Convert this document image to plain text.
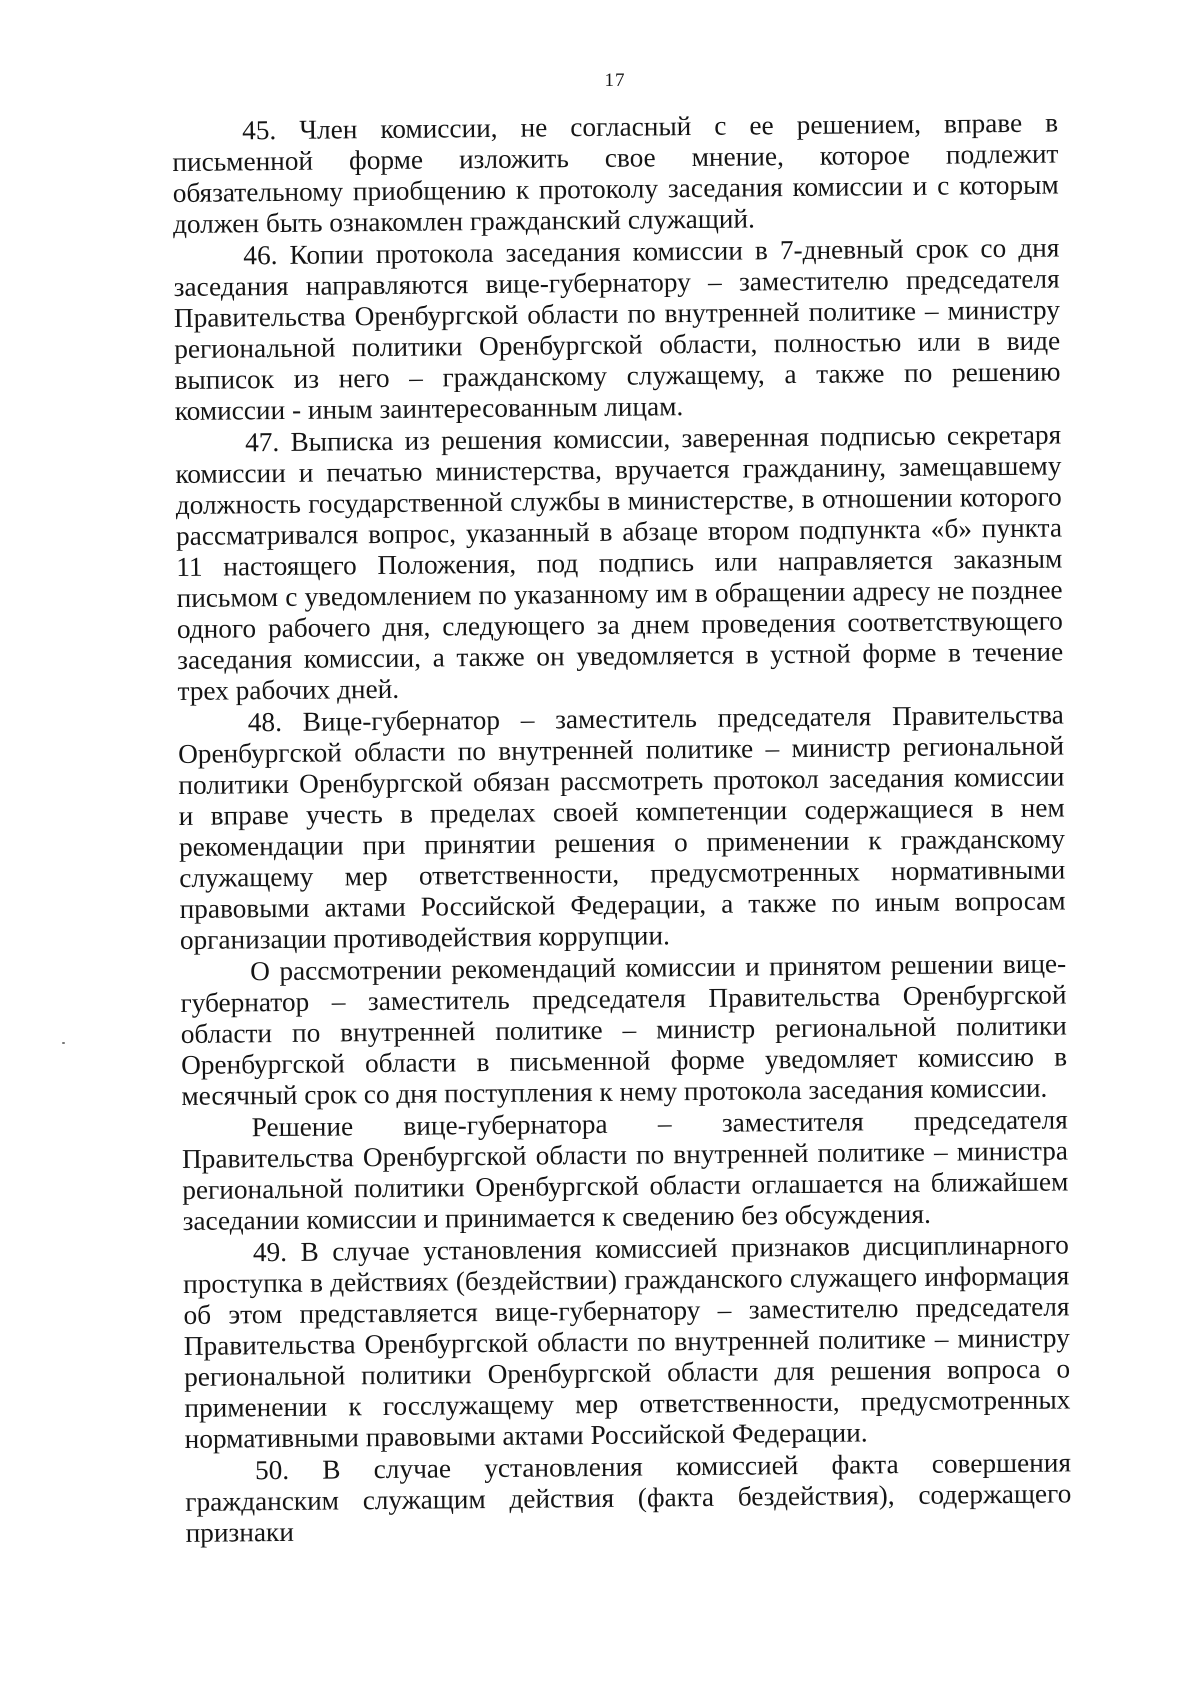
17

45. Член комиссии, не согласный с ее решением, вправе в письменной форме изложить свое мнение, которое подлежит обязательному приобщению к протоколу заседания комиссии и с которым должен быть ознакомлен гражданский служащий.

46. Копии протокола заседания комиссии в 7-дневный срок со дня заседания направляются вице-губернатору – заместителю председателя Правительства Оренбургской области по внутренней политике – министру региональной политики Оренбургской области, полностью или в виде выписок из него – гражданскому служащему, а также по решению комиссии - иным заинтересованным лицам.

47. Выписка из решения комиссии, заверенная подписью секретаря комиссии и печатью министерства, вручается гражданину, замещавшему должность государственной службы в министерстве, в отношении которого рассматривался вопрос, указанный в абзаце втором подпункта «б» пункта 11 настоящего Положения, под подпись или направляется заказным письмом с уведомлением по указанному им в обращении адресу не позднее одного рабочего дня, следующего за днем проведения соответствующего заседания комиссии, а также он уведомляется в устной форме в течение трех рабочих дней.

48. Вице-губернатор – заместитель председателя Правительства Оренбургской области по внутренней политике – министр региональной политики Оренбургской обязан рассмотреть протокол заседания комиссии и вправе учесть в пределах своей компетенции содержащиеся в нем рекомендации при принятии решения о применении к гражданскому служащему мер ответственности, предусмотренных нормативными правовыми актами Российской Федерации, а также по иным вопросам организации противодействия коррупции.

О рассмотрении рекомендаций комиссии и принятом решении вице-губернатор – заместитель председателя Правительства Оренбургской области по внутренней политике – министр региональной политики Оренбургской области в письменной форме уведомляет комиссию в месячный срок со дня поступления к нему протокола заседания комиссии.

Решение вице-губернатора – заместителя председателя Правительства Оренбургской области по внутренней политике – министра региональной политики Оренбургской области оглашается на ближайшем заседании комиссии и принимается к сведению без обсуждения.

49. В случае установления комиссией признаков дисциплинарного проступка в действиях (бездействии) гражданского служащего информация об этом представляется вице-губернатору – заместителю председателя Правительства Оренбургской области по внутренней политике – министру региональной политики Оренбургской области для решения вопроса о применении к госслужащему мер ответственности, предусмотренных нормативными правовыми актами Российской Федерации.

50. В случае установления комиссией факта совершения гражданским служащим действия (факта бездействия), содержащего признаки
